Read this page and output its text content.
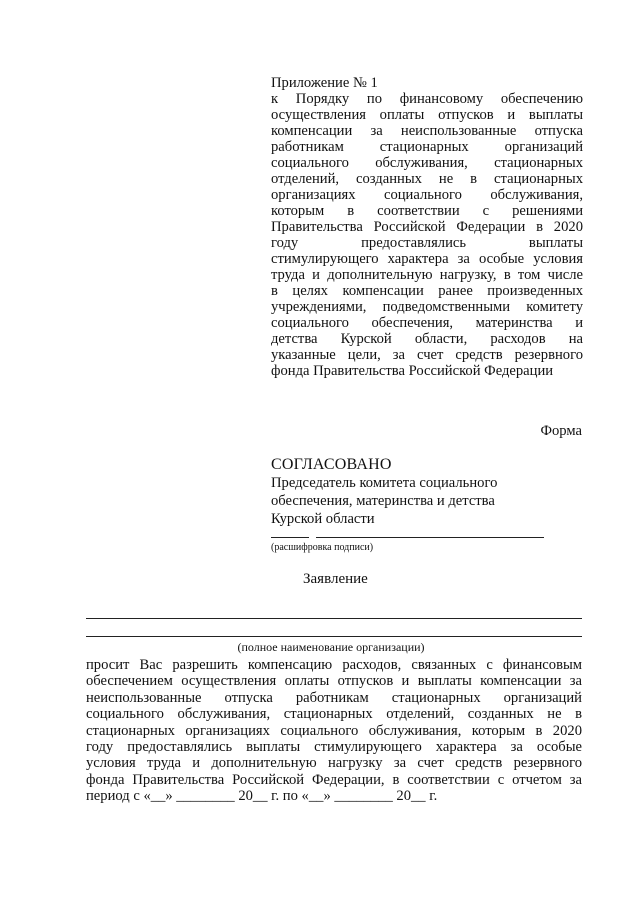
Приложение № 1
к Порядку по финансовому обеспечению
осуществления оплаты отпусков и выплаты
компенсации за неиспользованные отпуска
работникам стационарных организаций
социального обслуживания, стационарных
отделений, созданных не в стационарных
организациях социального обслуживания,
которым в соответствии с решениями
Правительства Российской Федерации в 2020
году предоставлялись выплаты
стимулирующего характера за особые условия
труда и дополнительную нагрузку, в том числе
в целях компенсации ранее произведенных
учреждениями, подведомственными комитету
социального обеспечения, материнства и
детства Курской области, расходов на
указанные цели, за счет средств резервного
фонда Правительства Российской Федерации
Форма
СОГЛАСОВАНО
Председатель комитета социального
обеспечения, материнства и детства
Курской области
(расшифровка подписи)
Заявление
(полное наименование организации)
просит Вас разрешить компенсацию расходов, связанных с финансовым
обеспечением осуществления оплаты отпусков и выплаты компенсации за
неиспользованные отпуска работникам стационарных организаций
социального обслуживания, стационарных отделений, созданных не в
стационарных организациях социального обслуживания, которым в 2020
году предоставлялись выплаты стимулирующего характера за особые
условия труда и дополнительную нагрузку за счет средств резервного
фонда Правительства Российской Федерации, в соответствии с отчетом за
период с «__» ________ 20__ г. по «__» ________ 20__ г.
